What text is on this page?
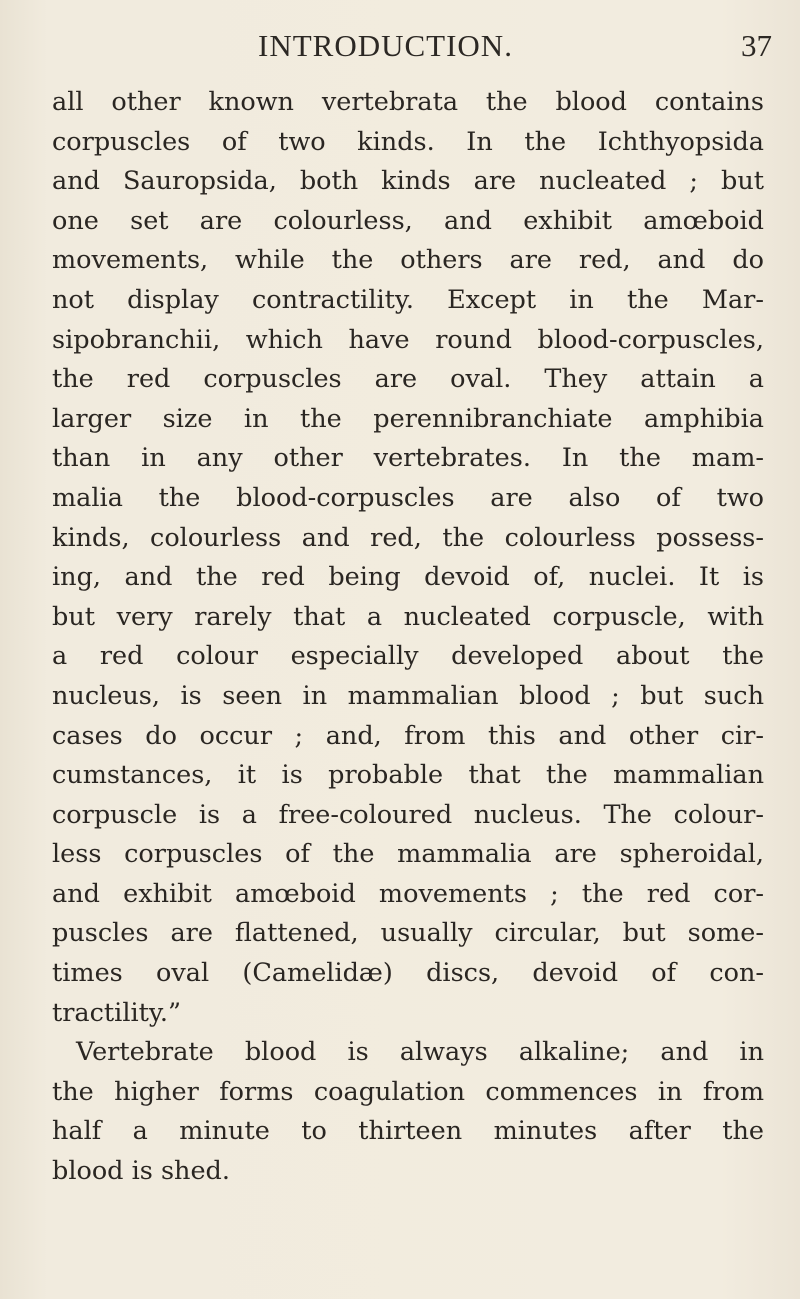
INTRODUCTION.	37
all other known vertebrata the blood contains
corpuscles of two kinds. In the Ichthyopsida
and Sauropsida, both kinds are nucleated ; but
one set are colourless, and exhibit amœboid
movements, while the others are red, and do
not display contractility. Except in the Mar-
sipobranchii, which have round blood-corpuscles,
the red corpuscles are oval. They attain a
larger size in the perennibranchiate amphibia
than in any other vertebrates. In the mam-
malia the blood-corpuscles are also of two
kinds, colourless and red, the colourless possess-
ing, and the red being devoid of, nuclei. It is
but very rarely that a nucleated corpuscle, with
a red colour especially developed about the
nucleus, is seen in mammalian blood ; but such
cases do occur ; and, from this and other cir-
cumstances, it is probable that the mammalian
corpuscle is a free-coloured nucleus. The colour-
less corpuscles of the mammalia are spheroidal,
and exhibit amœboid movements ; the red cor-
puscles are flattened, usually circular, but some-
times oval (Camelidæ) discs, devoid of con-
tractility.”
Vertebrate blood is always alkaline; and in
the higher forms coagulation commences in from
half a minute to thirteen minutes after the
blood is shed.
